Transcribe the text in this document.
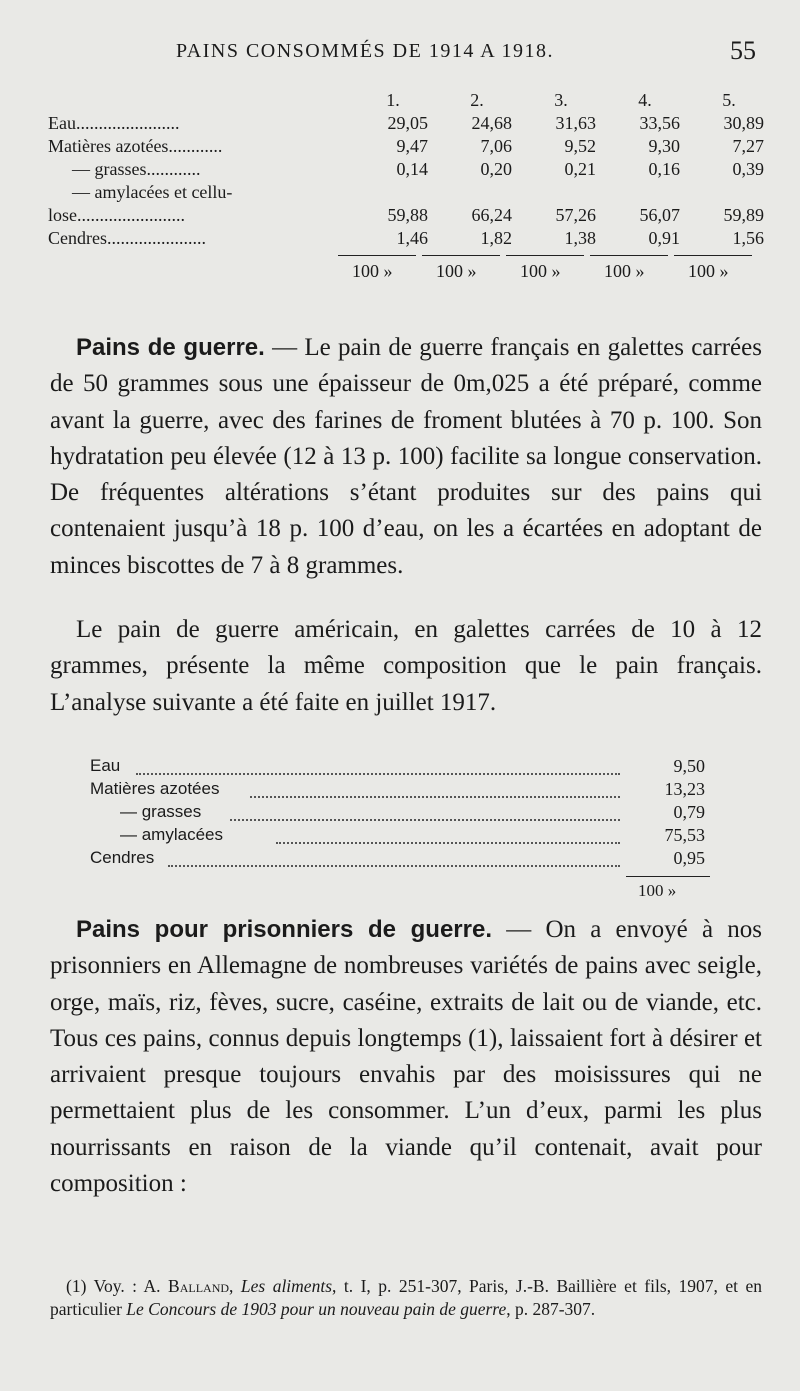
PAINS CONSOMMÉS DE 1914 A 1918.	55
1.	2.	3.	4.	5.
Eau.......................	29,05	24,68	31,63	33,56	30,89
Matières azotées............	9,47	7,06	9,52	9,30	7,27
— grasses............	0,14	0,20	0,21	0,16	0,39
— amylacées et cellu-
lose........................	59,88	66,24	57,26	56,07	59,89
Cendres......................	1,46	1,82	1,38	0,91	1,56
100 »	100 »	100 »	100 »	100 »

Pains de guerre. — Le pain de guerre français en galettes carrées de 50 grammes sous une épaisseur de 0m,025 a été préparé, comme avant la guerre, avec des farines de froment blutées à 70 p. 100. Son hydratation peu élevée (12 à 13 p. 100) facilite sa longue conservation. De fréquentes altérations s’étant produites sur des pains qui contenaient jusqu’à 18 p. 100 d’eau, on les a écartées en adoptant de minces biscottes de 7 à 8 grammes.

Le pain de guerre américain, en galettes carrées de 10 à 12 grammes, présente la même composition que le pain français. L’analyse suivante a été faite en juillet 1917.

Eau	9,50
Matières azotées	13,23
— grasses	0,79
— amylacées	75,53
Cendres	0,95
100 »

Pains pour prisonniers de guerre. — On a envoyé à nos prisonniers en Allemagne de nombreuses variétés de pains avec seigle, orge, maïs, riz, fèves, sucre, caséine, extraits de lait ou de viande, etc. Tous ces pains, connus depuis longtemps (1), laissaient fort à désirer et arrivaient presque toujours envahis par des moisissures qui ne permettaient plus de les consommer. L’un d’eux, parmi les plus nourrissants en raison de la viande qu’il contenait, avait pour composition :

(1) Voy. : A. Balland, Les aliments, t. I, p. 251-307, Paris, J.-B. Baillière et fils, 1907, et en particulier Le Concours de 1903 pour un nouveau pain de guerre, p. 287-307.
